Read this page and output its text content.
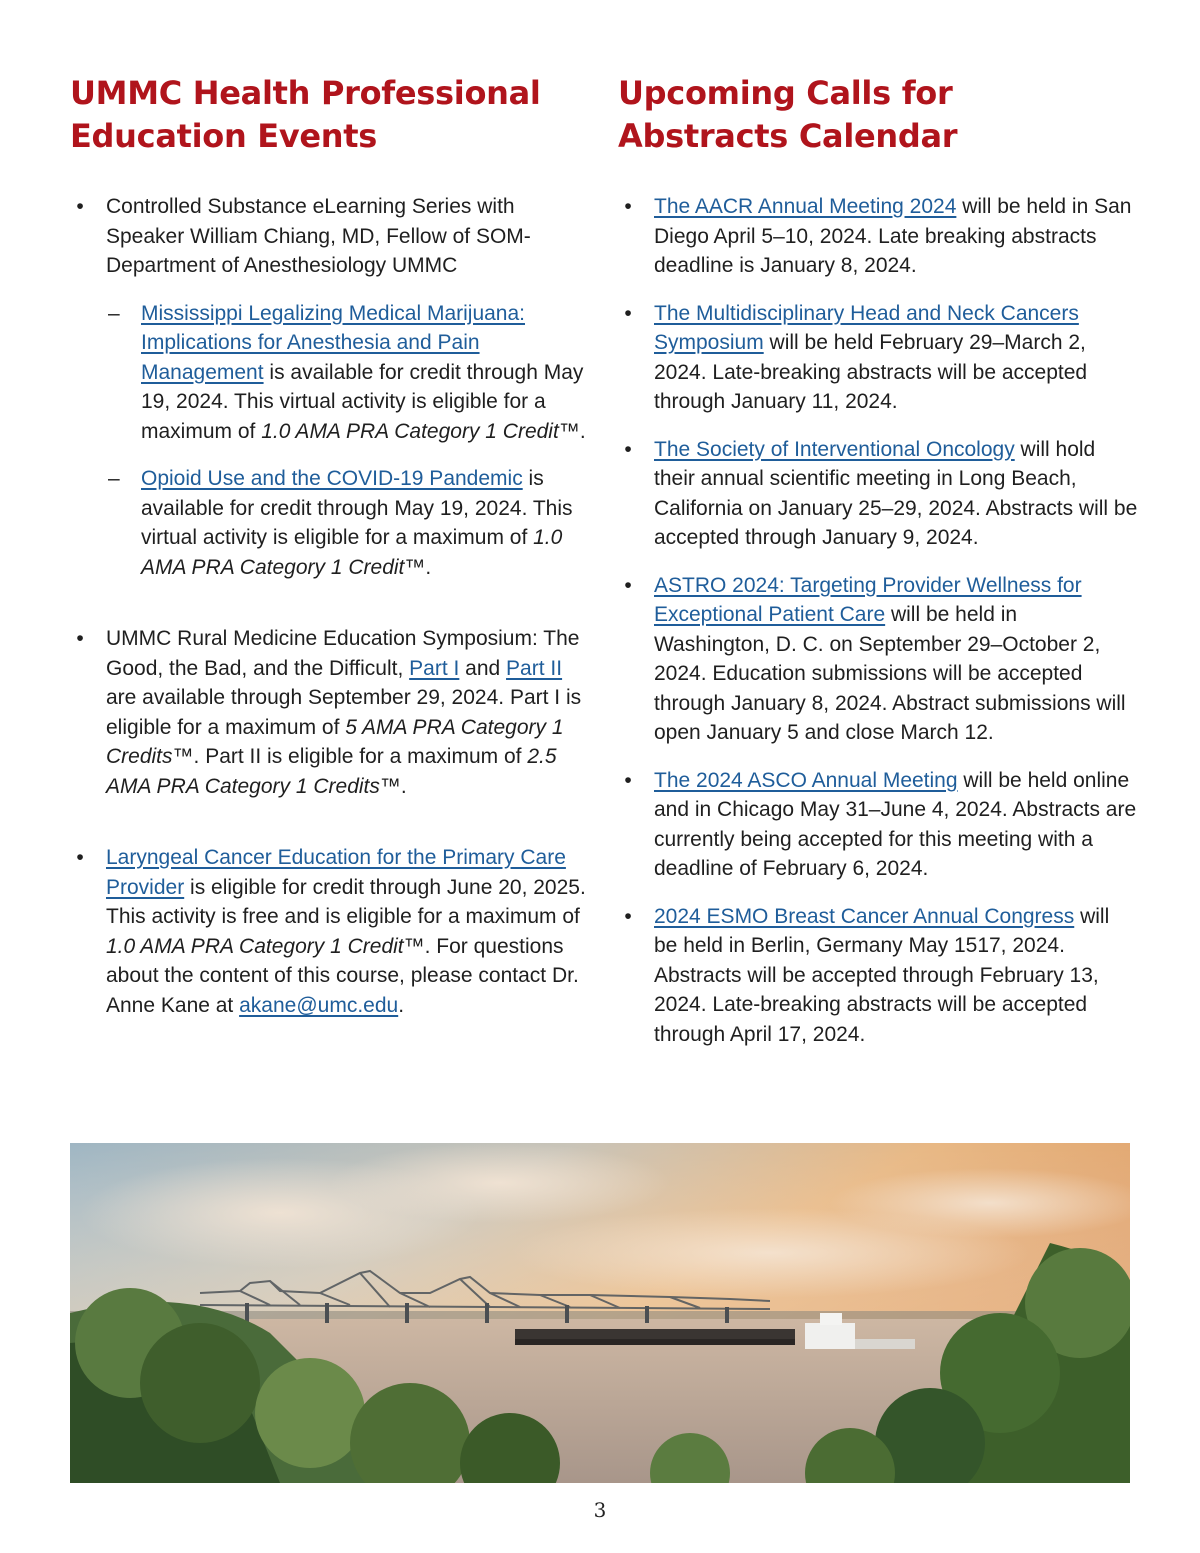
UMMC Health Professional
Education Events
•	Controlled Substance eLearning Series with Speaker William Chiang, MD, Fellow of SOM-Department of Anesthesiology UMMC
– Mississippi Legalizing Medical Marijuana: Implications for Anesthesia and Pain Management is available for credit through May 19, 2024. This virtual activity is eligible for a maximum of 1.0 AMA PRA Category 1 Credit™.
– Opioid Use and the COVID-19 Pandemic is available for credit through May 19, 2024. This virtual activity is eligible for a maximum of 1.0 AMA PRA Category 1 Credit™.
•	UMMC Rural Medicine Education Symposium: The Good, the Bad, and the Difficult, Part I and Part II are available through September 29, 2024. Part I is eligible for a maximum of 5 AMA PRA Category 1 Credits™. Part II is eligible for a maximum of 2.5 AMA PRA Category 1 Credits™.
•	Laryngeal Cancer Education for the Primary Care Provider is eligible for credit through June 20, 2025. This activity is free and is eligible for a maximum of 1.0 AMA PRA Category 1 Credit™. For questions about the content of this course, please contact Dr. Anne Kane at akane@umc.edu.
Upcoming Calls for
Abstracts Calendar
•	The AACR Annual Meeting 2024 will be held in San Diego April 5–10, 2024. Late breaking abstracts deadline is January 8, 2024.
•	The Multidisciplinary Head and Neck Cancers Symposium will be held February 29–March 2, 2024. Late-breaking abstracts will be accepted through January 11, 2024.
•	The Society of Interventional Oncology will hold their annual scientific meeting in Long Beach, California on January 25–29, 2024. Abstracts will be accepted through January 9, 2024.
•	ASTRO 2024: Targeting Provider Wellness for Exceptional Patient Care will be held in Washington, D. C. on September 29–October 2, 2024. Education submissions will be accepted through January 8, 2024. Abstract submissions will open January 5 and close March 12.
•	The 2024 ASCO Annual Meeting will be held online and in Chicago May 31–June 4, 2024. Abstracts are currently being accepted for this meeting with a deadline of February 6, 2024.
•	2024 ESMO Breast Cancer Annual Congress will be held in Berlin, Germany May 1517, 2024. Abstracts will be accepted through February 13, 2024. Late-breaking abstracts will be accepted through April 17, 2024.
3
